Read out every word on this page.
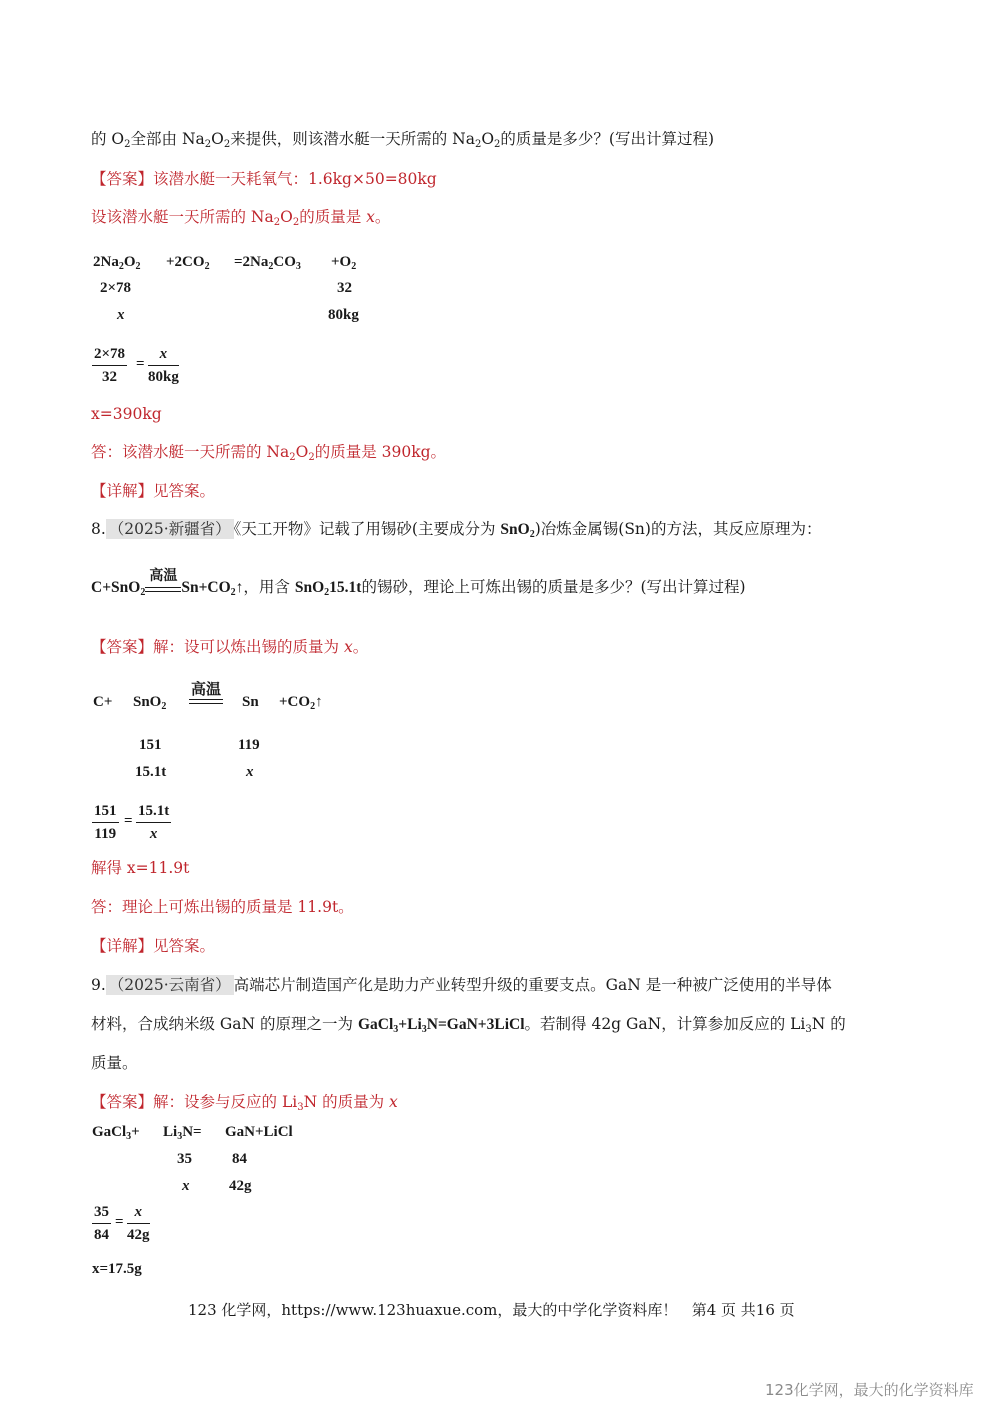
的 $O_2$全部由 $Na_2O_2$来提供，则该潜水艇一天所需的 $Na_2O_2$的质量是多少？(写出计算过程)
【答案】该潜水艇一天耗氧气：1.6kg×50=80kg
设该潜水艇一天所需的 $Na_2O_2$的质量是 x。
$2Na_2O_2 +2CO_2 =2Na_2CO_3 +O_2$
2×78	32
x	80kg
$\frac{2\times 78}{32} = \frac{x}{80kg}$
x=390kg
答：该潜水艇一天所需的 $Na_2O_2$的质量是 390kg。
【详解】见答案。
8. （2025·新疆省） 《天工开物》记载了用锡砂(主要成分为 SnO$_2$)冶炼金属锡(Sn)的方法，其反应原理为：
C+SnO$_2$
高温
$Sn+CO_2↑$，用含 SnO$_2$15.1t的锡砂，理论上可炼出锡的质量是多少？(写出计算过程)
【答案】解：设可以炼出锡的质量为 x。
C+ SnO$_2$
高温
$Sn +CO_2↑$
151	119
15.1t	x
$\frac{151}{119} = \frac{15.1t}{x}$
解得 x=11.9t
答：理论上可炼出锡的质量是 11.9t。
【详解】见答案。
9. （2025·云南省） 高端芯片制造国产化是助力产业转型升级的重要支点。GaN 是一种被广泛使用的半导体
材料，合成纳米级 GaN 的原理之一为 $GaCl_3+Li_3N=GaN+3LiCl$。若制得 42g GaN，计算参加反应的 $Li_3N$ 的
质量。
【答案】解：设参与反应的 $Li_3N$ 的质量为 x
GaCl$_3$+ $Li_3N=$ GaN+LiCl
35	84
x	42g
$\frac{35}{84} = \frac{x}{42g}$
x=17.5g
123 化学网，https://www.123huaxue.com，最大的中学化学资料库！ 第4 页 共16 页
123化学网，最大的化学资料库
